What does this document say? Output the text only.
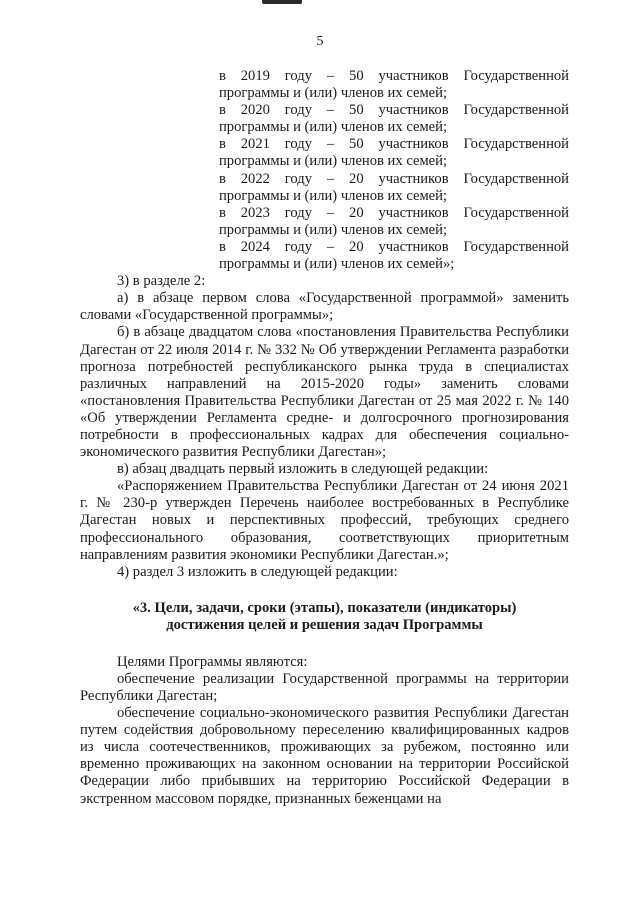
5

в 2019 году – 50 участников Государственной программы и (или) членов их семей;

в 2020 году – 50 участников Государственной программы и (или) членов их семей;

в 2021 году – 50 участников Государственной программы и (или) членов их семей;

в 2022 году – 20 участников Государственной программы и (или) членов их семей;

в 2023 году – 20 участников Государственной программы и (или) членов их семей;

в 2024 году – 20 участников Государственной программы и (или) членов их семей»;

3) в разделе 2:

а) в абзаце первом слова «Государственной программой» заменить словами «Государственной программы»;

б) в абзаце двадцатом слова «постановления Правительства Республики Дагестан от 22 июля 2014 г. № 332 № Об утверждении Регламента разработки прогноза потребностей республиканского рынка труда в специалистах различных направлений на 2015-2020 годы» заменить словами «постановления Правительства Республики Дагестан от 25 мая 2022 г. № 140 «Об утверждении Регламента средне- и долгосрочного прогнозирования потребности в профессиональных кадрах для обеспечения социально-экономического развития Республики Дагестан»;

в) абзац двадцать первый изложить в следующей редакции:

«Распоряжением Правительства Республики Дагестан от 24 июня 2021 г. № 230-р утвержден Перечень наиболее востребованных в Республике Дагестан новых и перспективных профессий, требующих среднего профессионального образования, соответствующих приоритетным направлениям развития экономики Республики Дагестан.»;

4) раздел 3 изложить в следующей редакции:

«3. Цели, задачи, сроки (этапы), показатели (индикаторы)
достижения целей и решения задач Программы

Целями Программы являются:

обеспечение реализации Государственной программы на территории Республики Дагестан;

обеспечение социально-экономического развития Республики Дагестан путем содействия добровольному переселению квалифицированных кадров из числа соотечественников, проживающих за рубежом, постоянно или временно проживающих на законном основании на территории Российской Федерации либо прибывших на территорию Российской Федерации в экстренном массовом порядке, признанных беженцами на
